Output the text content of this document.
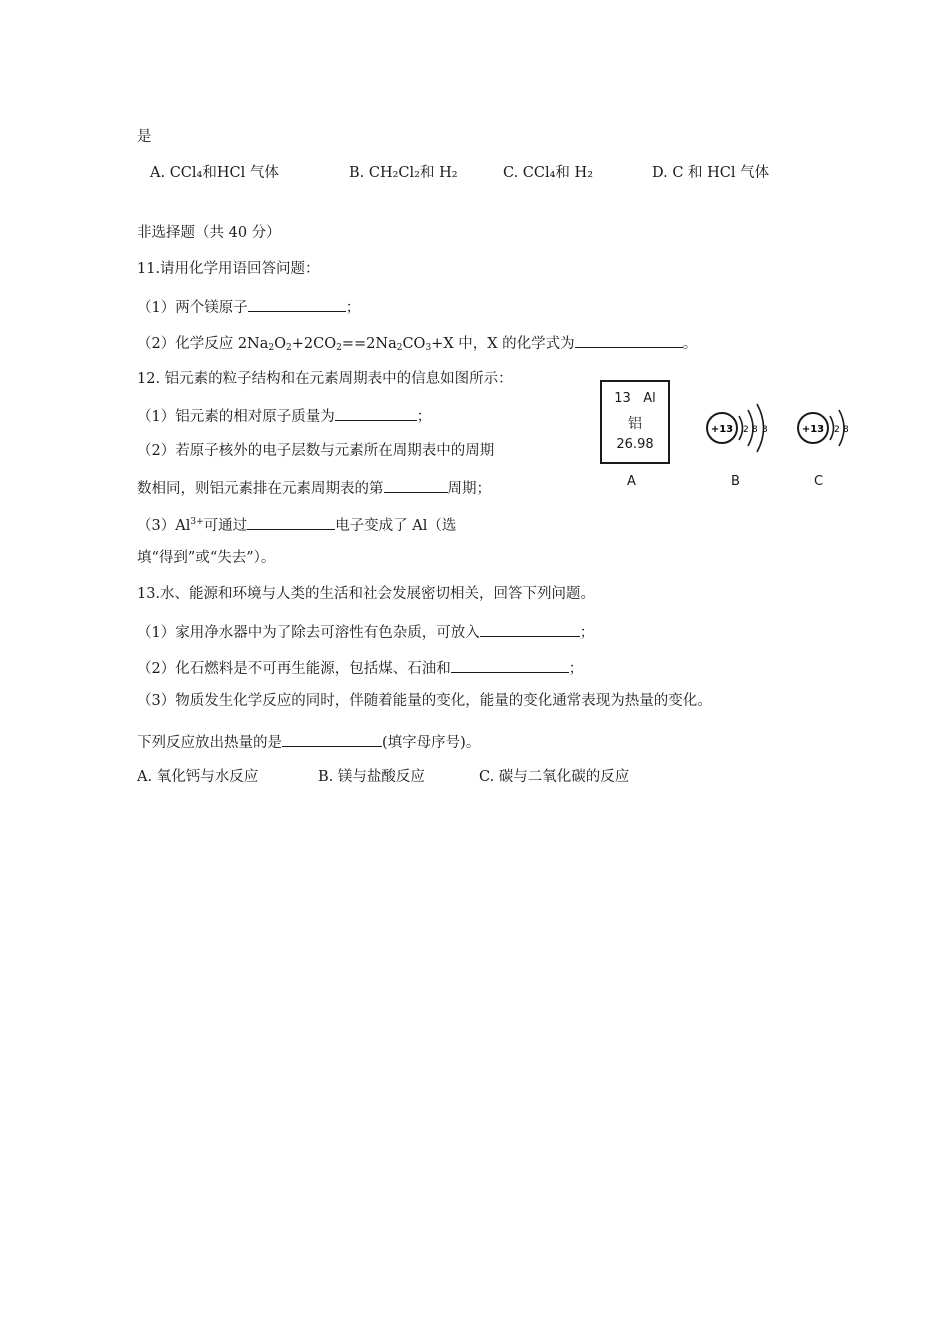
是
A. CCl₄和HCl 气体	B. CH₂Cl₂和 H₂	C. CCl₄和 H₂	D. C 和 HCl 气体
非选择题（共 40 分）
11.请用化学用语回答问题：
（1）两个镁原子	；
（2）化学反应 $2Na_2O_2+2CO_2==2Na_2CO_3+X$ 中，X 的化学式为	。
12. 铝元素的粒子结构和在元素周期表中的信息如图所示：
（1）铝元素的相对原子质量为	；
（2）若原子核外的电子层数与元素所在周期表中的周期
数相同，则铝元素排在元素周期表的第	周期；
$(3)Al^{3+}$可通过	电子变成了 Al（选
填“得到”或“失去”）。
13 Al
铝
26.98
+13 2 8 3	+13 2 8
A	B	C
13.水、能源和环境与人类的生活和社会发展密切相关，回答下列问题。
（1）家用净水器中为了除去可溶性有色杂质，可放入	；
（2）化石燃料是不可再生能源，包括煤、石油和	；
（3）物质发生化学反应的同时，伴随着能量的变化，能量的变化通常表现为热量的变化。
下列反应放出热量的是	(填字母序号)。
A. 氧化钙与水反应	B. 镁与盐酸反应	C. 碳与二氧化碳的反应
